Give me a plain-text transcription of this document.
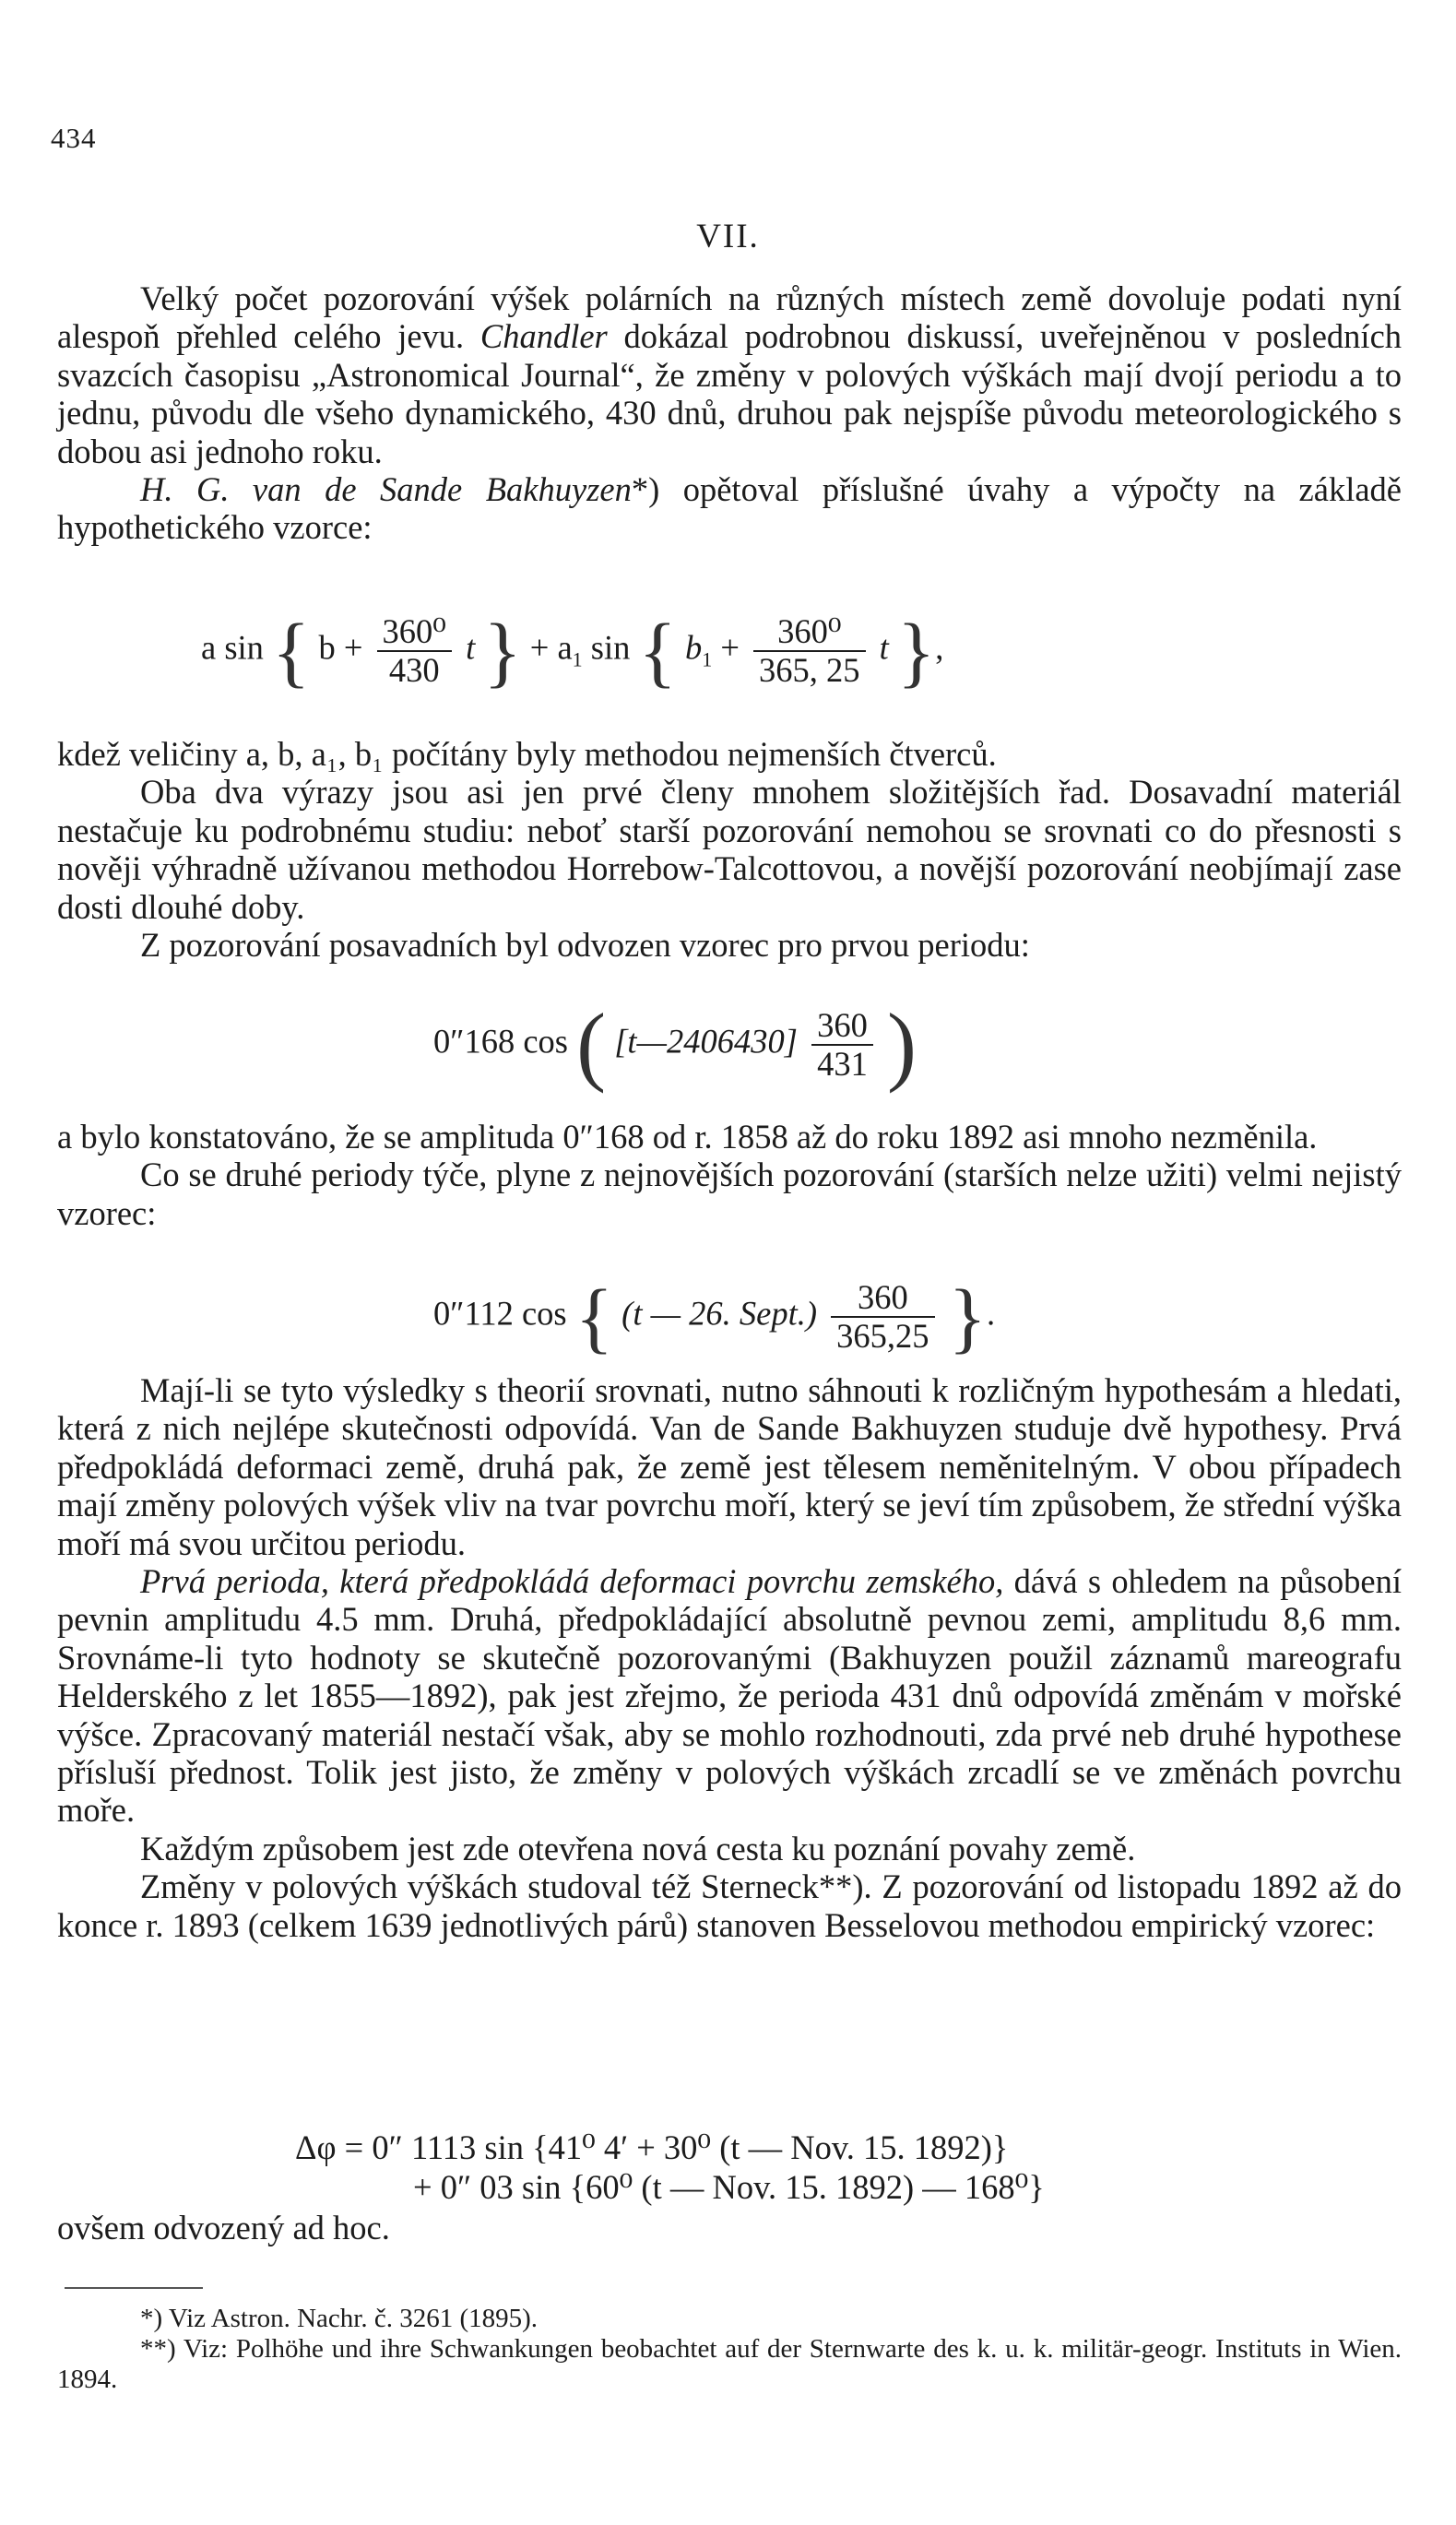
434
VII.

Velký počet pozorování výšek polárních na různých místech země dovoluje podati nyní alespoň přehled celého jevu. Chandler dokázal podrobnou diskussí, uveřejněnou v posledních svazcích časopisu „Astronomical Journal“, že změny v polových výškách mají dvojí periodu a to jednu, původu dle všeho dynamického, 430 dnů, druhou pak nejspíše původu meteorologického s dobou asi jednoho roku.

H. G. van de Sande Bakhuyzen*) opětoval příslušné úvahy a výpočty na základě hypothetického vzorce:

a sin { $b + \frac{\text{360⁰}}{430}$ t } + $a_1$ sin { $b_1 + \frac{\text{360⁰}}{365, 25}$ t },

kdež veličiny a, b, a₁, b₁ počítány byly methodou nejmenších čtverců.

Oba dva výrazy jsou asi jen prvé členy mnohem složitějších řad. Dosavadní materiál nestačuje ku podrobnému studiu: neboť starší pozorování nemohou se srovnati co do přesnosti s nověji výhradně užívanou methodou Horrebow-Talcottovou, a novější pozorování neobjímají zase dosti dlouhé doby.

Z pozorování posavadních byl odvozen vzorec pro prvou periodu:

0″168 cos ( [t—2406430] $\frac{360}{431}$ )

a bylo konstatováno, že se amplituda 0″168 od r. 1858 až do roku 1892 asi mnoho nezměnila.

Co se druhé periody týče, plyne z nejnovějších pozorování (starších nelze užiti) velmi nejistý vzorec:

0″112 cos { (t — 26. Sept.) $\frac{360}{365,25}$ }.

Mají-li se tyto výsledky s theorií srovnati, nutno sáhnouti k rozličným hypothesám a hledati, která z nich nejlépe skutečnosti odpovídá. Van de Sande Bakhuyzen studuje dvě hypothesy. Prvá předpokládá deformaci země, druhá pak, že země jest tělesem neměnitelným. V obou případech mají změny polových výšek vliv na tvar povrchu moří, který se jeví tím způsobem, že střední výška moří má svou určitou periodu.

Prvá perioda, která předpokládá deformaci povrchu zemského, dává s ohledem na působení pevnin amplitudu 4.5 mm. Druhá, předpokládající absolutně pevnou zemi, amplitudu 8,6 mm. Srovnáme-li tyto hodnoty se skutečně pozorovanými (Bakhuyzen použil záznamů mareografu Helderského z let 1855—1892), pak jest zřejmo, že perioda 431 dnů odpovídá změnám v mořské výšce. Zpracovaný materiál nestačí však, aby se mohlo rozhodnouti, zda prvé neb druhé hypothese přísluší přednost. Tolik jest jisto, že změny v polových výškách zrcadlí se ve změnách povrchu moře.

Každým způsobem jest zde otevřena nová cesta ku poznání povahy země.

Změny v polových výškách studoval též Sterneck**). Z pozorování od listopadu 1892 až do konce r. 1893 (celkem 1639 jednotlivých párů) stanoven Besselovou methodou empirický vzorec:

Δφ = 0″ 1113 sin {41⁰ 4′ + 30⁰ (t — Nov. 15. 1892)}
+ 0″ 03 sin {60⁰ (t — Nov. 15. 1892) — 168⁰}

ovšem odvozený ad hoc.

*) Viz Astron. Nachr. č. 3261 (1895).

**) Viz: Polhöhe und ihre Schwankungen beobachtet auf der Sternwarte des k. u. k. militär-geogr. Instituts in Wien. 1894.
